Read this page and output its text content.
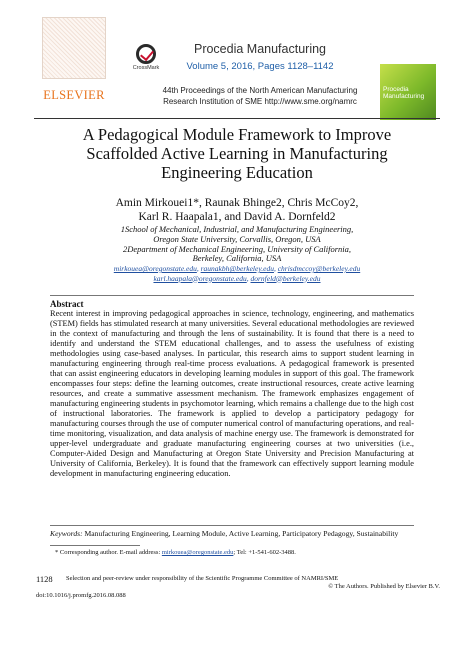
ELSEVIER
CrossMark
Procedia Manufacturing
Volume 5, 2016, Pages 1128–1142
44th Proceedings of the North American Manufacturing
Research Institution of SME http://www.sme.org/namrc
Procedia Manufacturing
A Pedagogical Module Framework to Improve Scaffolded Active Learning in Manufacturing Engineering Education
Amin Mirkouei1*, Raunak Bhinge2, Chris McCoy2,
Karl R. Haapala1, and David A. Dornfeld2
1School of Mechanical, Industrial, and Manufacturing Engineering,
Oregon State University, Corvallis, Oregon, USA
2Department of Mechanical Engineering, University of California,
Berkeley, California, USA
mirkouea@oregonstate.edu, raunakbh@berkeley.edu, chrisdmccoy@berkeley.edu
karl.haapala@oregonstate.edu, dornfeld@berkeley.edu
Abstract
Recent interest in improving pedagogical approaches in science, technology, engineering, and mathematics (STEM) fields has stimulated research at many universities. Several educational methodologies are reviewed in the context of manufacturing and through the lens of sustainability. It is found that there is a need to identify and understand the STEM educational challenges, and to assess the usefulness of existing methodologies using case-based analyses. In particular, this research aims to support student learning in manufacturing engineering through real-time process evaluations. A pedagogical framework is presented that can assist engineering educators in developing learning modules in support of this goal. The framework encompasses four steps: define the learning outcomes, create instructional resources, create active learning resources, and create a summative assessment mechanism. The framework emphasizes engagement of manufacturing engineering students in psychomotor learning, which remains a challenge due to the high cost of instructional laboratories. The framework is applied to develop a participatory pedagogy for manufacturing courses through the use of computer numerical control of manufacturing operations, and real-time monitoring, visualization, and data analysis of machine energy use. The framework is demonstrated for upper-level undergraduate and graduate manufacturing engineering courses at two universities (i.e., Computer-Aided Design and Manufacturing at Oregon State University and Precision Manufacturing at University of California, Berkeley). It is found that the framework can effectively support learning module development in manufacturing engineering education.
Keywords: Manufacturing Engineering, Learning Module, Active Learning, Participatory Pedagogy, Sustainability
* Corresponding author. E-mail address: mirkouea@oregonstate.edu; Tel: +1-541-602-3488.
1128 Selection and peer-review under responsibility of the Scientific Programme Committee of NAMRI/SME
© The Authors. Published by Elsevier B.V.
doi:10.1016/j.promfg.2016.08.088
